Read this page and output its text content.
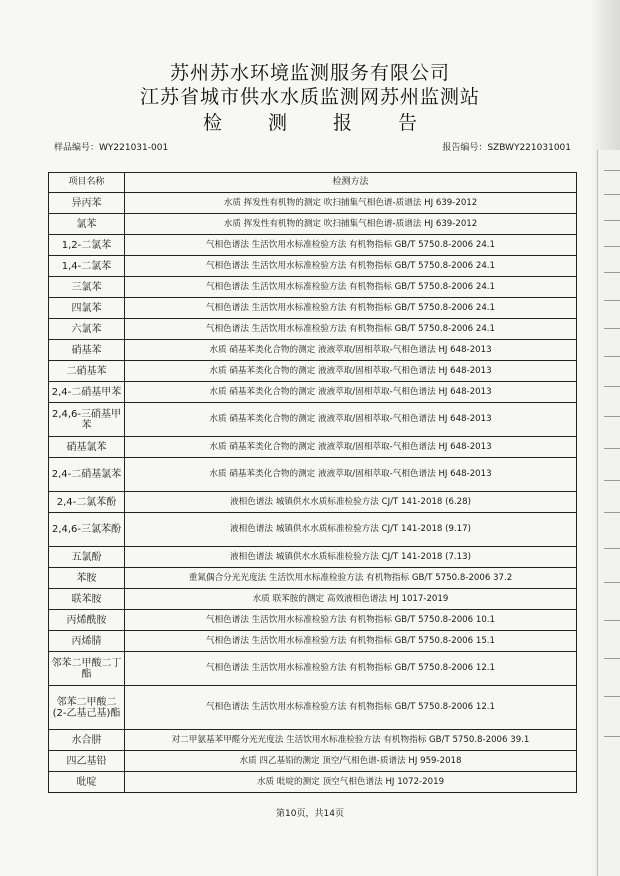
苏州苏水环境监测服务有限公司
江苏省城市供水水质监测网苏州监测站
检 测 报 告
样品编号：WY221031-001	报告编号：SZBWY221031001
项目名称	检测方法
异丙苯	水质 挥发性有机物的测定 吹扫捕集气相色谱-质谱法 HJ 639-2012
氯苯	水质 挥发性有机物的测定 吹扫捕集气相色谱-质谱法 HJ 639-2012
1,2-二氯苯	气相色谱法 生活饮用水标准检验方法 有机物指标 GB/T 5750.8-2006 24.1
1,4-二氯苯	气相色谱法 生活饮用水标准检验方法 有机物指标 GB/T 5750.8-2006 24.1
三氯苯	气相色谱法 生活饮用水标准检验方法 有机物指标 GB/T 5750.8-2006 24.1
四氯苯	气相色谱法 生活饮用水标准检验方法 有机物指标 GB/T 5750.8-2006 24.1
六氯苯	气相色谱法 生活饮用水标准检验方法 有机物指标 GB/T 5750.8-2006 24.1
硝基苯	水质 硝基苯类化合物的测定 液液萃取/固相萃取-气相色谱法 HJ 648-2013
二硝基苯	水质 硝基苯类化合物的测定 液液萃取/固相萃取-气相色谱法 HJ 648-2013
2,4-二硝基甲苯	水质 硝基苯类化合物的测定 液液萃取/固相萃取-气相色谱法 HJ 648-2013
2,4,6-三硝基甲苯	水质 硝基苯类化合物的测定 液液萃取/固相萃取-气相色谱法 HJ 648-2013
硝基氯苯	水质 硝基苯类化合物的测定 液液萃取/固相萃取-气相色谱法 HJ 648-2013
2,4-二硝基氯苯	水质 硝基苯类化合物的测定 液液萃取/固相萃取-气相色谱法 HJ 648-2013
2,4-二氯苯酚	液相色谱法 城镇供水水质标准检验方法 CJ/T 141-2018 (6.28)
2,4,6-三氯苯酚	液相色谱法 城镇供水水质标准检验方法 CJ/T 141-2018 (9.17)
五氯酚	液相色谱法 城镇供水水质标准检验方法 CJ/T 141-2018 (7.13)
苯胺	重氮偶合分光光度法 生活饮用水标准检验方法 有机物指标 GB/T 5750.8-2006 37.2
联苯胺	水质 联苯胺的测定 高效液相色谱法 HJ 1017-2019
丙烯酰胺	气相色谱法 生活饮用水标准检验方法 有机物指标 GB/T 5750.8-2006 10.1
丙烯腈	气相色谱法 生活饮用水标准检验方法 有机物指标 GB/T 5750.8-2006 15.1
邻苯二甲酸二丁酯	气相色谱法 生活饮用水标准检验方法 有机物指标 GB/T 5750.8-2006 12.1
邻苯二甲酸二(2-乙基己基)酯	气相色谱法 生活饮用水标准检验方法 有机物指标 GB/T 5750.8-2006 12.1
水合肼	对二甲氨基苯甲醛分光光度法 生活饮用水标准检验方法 有机物指标 GB/T 5750.8-2006 39.1
四乙基铅	水质 四乙基铅的测定 顶空/气相色谱-质谱法 HJ 959-2018
吡啶	水质 吡啶的测定 顶空气相色谱法 HJ 1072-2019
第10页，共14页
